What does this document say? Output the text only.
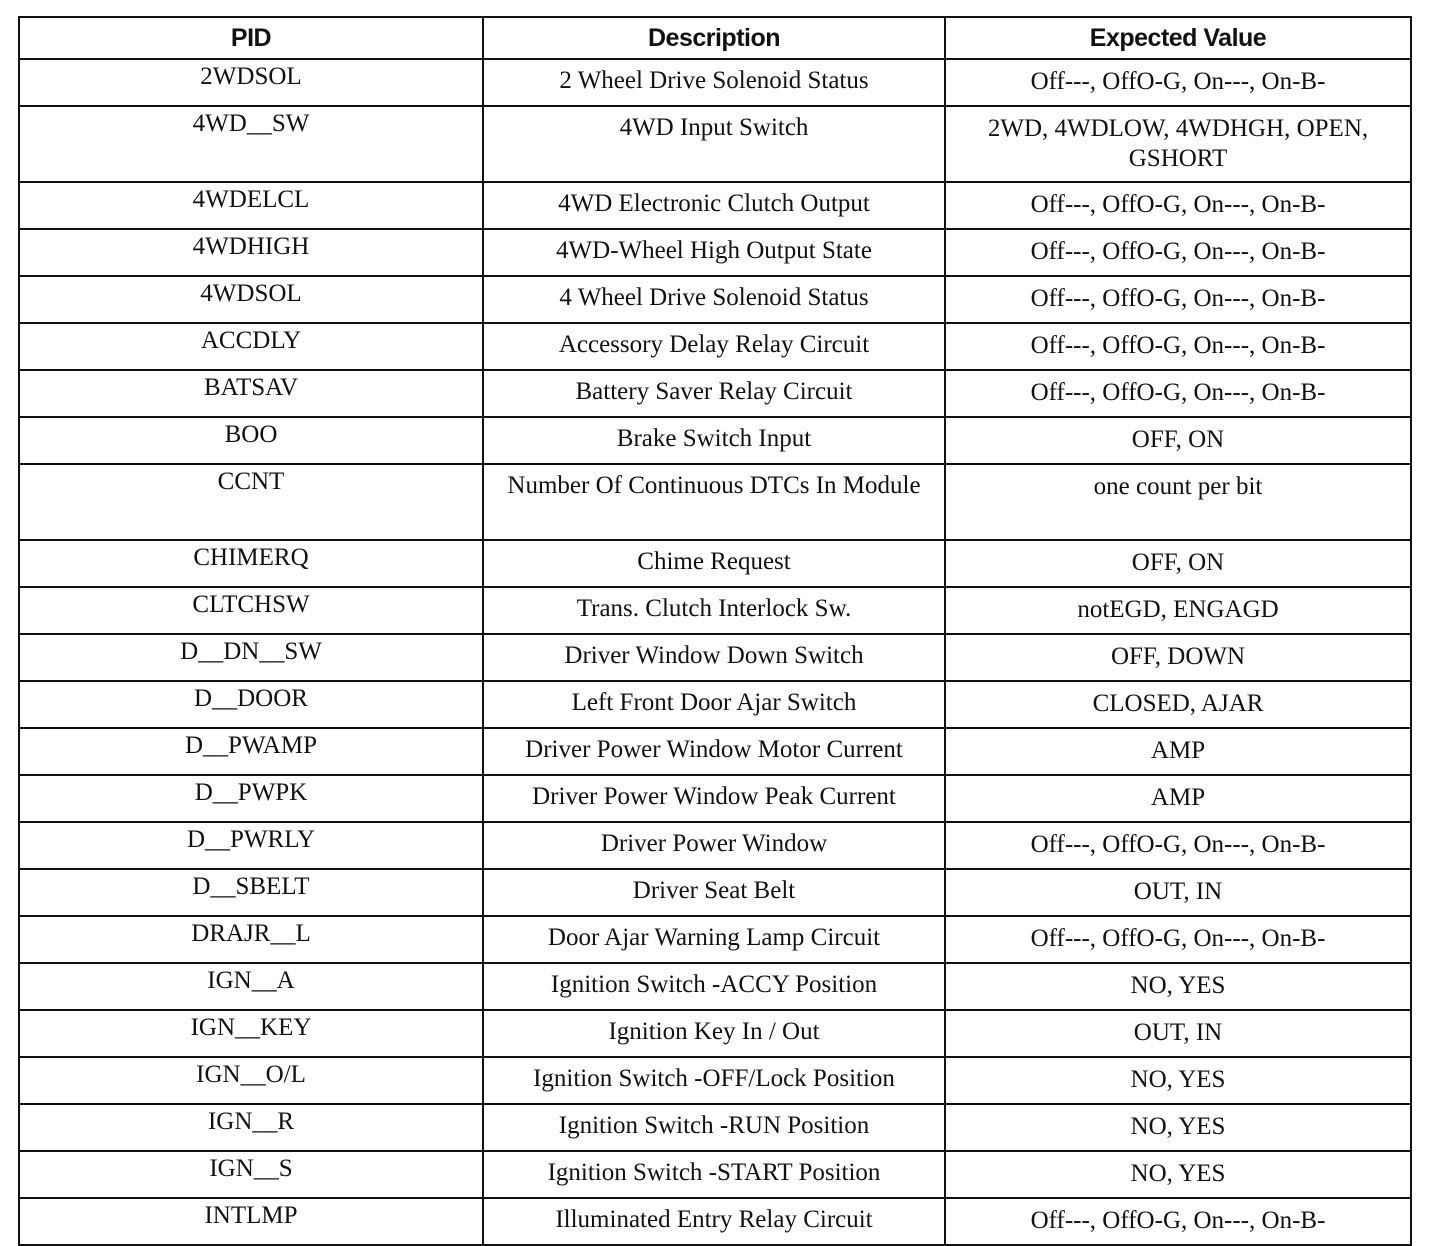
PID	Description	Expected Value
2WDSOL	2 Wheel Drive Solenoid Status	Off---, OffO-G, On---, On-B-
4WD__SW	4WD Input Switch	2WD, 4WDLOW, 4WDHGH, OPEN, GSHORT
4WDELCL	4WD Electronic Clutch Output	Off---, OffO-G, On---, On-B-
4WDHIGH	4WD-Wheel High Output State	Off---, OffO-G, On---, On-B-
4WDSOL	4 Wheel Drive Solenoid Status	Off---, OffO-G, On---, On-B-
ACCDLY	Accessory Delay Relay Circuit	Off---, OffO-G, On---, On-B-
BATSAV	Battery Saver Relay Circuit	Off---, OffO-G, On---, On-B-
BOO	Brake Switch Input	OFF, ON
CCNT	Number Of Continuous DTCs In Module	one count per bit
CHIMERQ	Chime Request	OFF, ON
CLTCHSW	Trans. Clutch Interlock Sw.	notEGD, ENGAGD
D__DN__SW	Driver Window Down Switch	OFF, DOWN
D__DOOR	Left Front Door Ajar Switch	CLOSED, AJAR
D__PWAMP	Driver Power Window Motor Current	AMP
D__PWPK	Driver Power Window Peak Current	AMP
D__PWRLY	Driver Power Window	Off---, OffO-G, On---, On-B-
D__SBELT	Driver Seat Belt	OUT, IN
DRAJR__L	Door Ajar Warning Lamp Circuit	Off---, OffO-G, On---, On-B-
IGN__A	Ignition Switch -ACCY Position	NO, YES
IGN__KEY	Ignition Key In / Out	OUT, IN
IGN__O/L	Ignition Switch -OFF/Lock Position	NO, YES
IGN__R	Ignition Switch -RUN Position	NO, YES
IGN__S	Ignition Switch -START Position	NO, YES
INTLMP	Illuminated Entry Relay Circuit	Off---, OffO-G, On---, On-B-
